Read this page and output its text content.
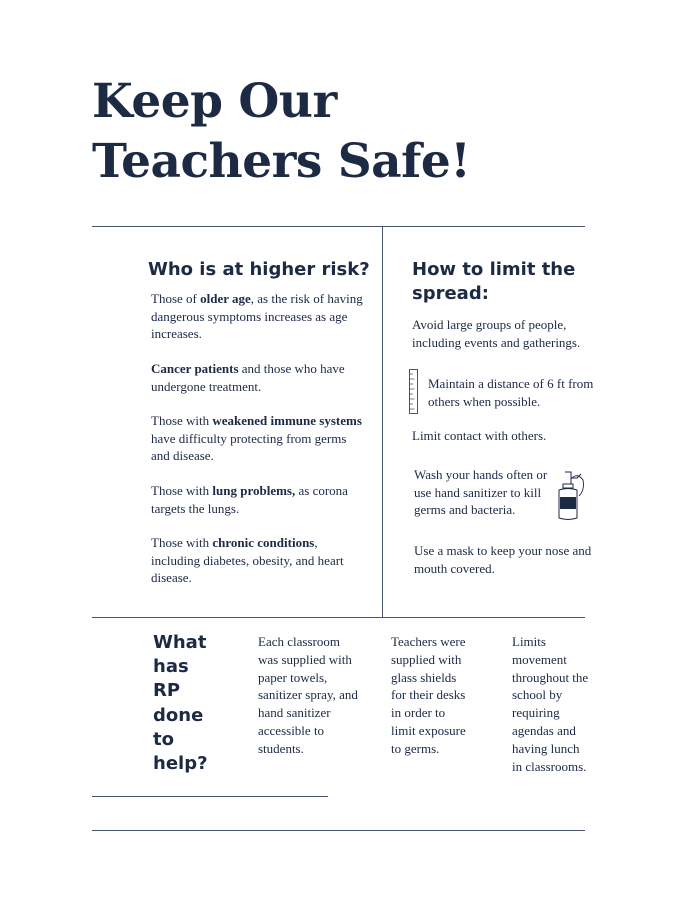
Keep Our
Teachers Safe!
Who is at higher risk?
Those of older age, as the risk of having dangerous symptoms increases as age increases.
Cancer patients and those who have undergone treatment.
Those with weakened immune systems have difficulty protecting from germs and disease.
Those with lung problems, as corona targets the lungs.
Those with chronic conditions, including diabetes, obesity, and heart disease.
How to limit the spread:
Avoid large groups of people, including events and gatherings.
Maintain a distance of 6 ft from others when possible.
Limit contact with others.
Wash your hands often or use hand sanitizer to kill germs and bacteria.
Use a mask to keep your nose and mouth covered.
What
has
RP
done
to
help?
Each classroom was supplied with paper towels, sanitizer spray, and hand sanitizer accessible to students.
Teachers were supplied with glass shields for their desks in order to limit exposure to germs.
Limits movement throughout the school by requiring agendas and having lunch in classrooms.
